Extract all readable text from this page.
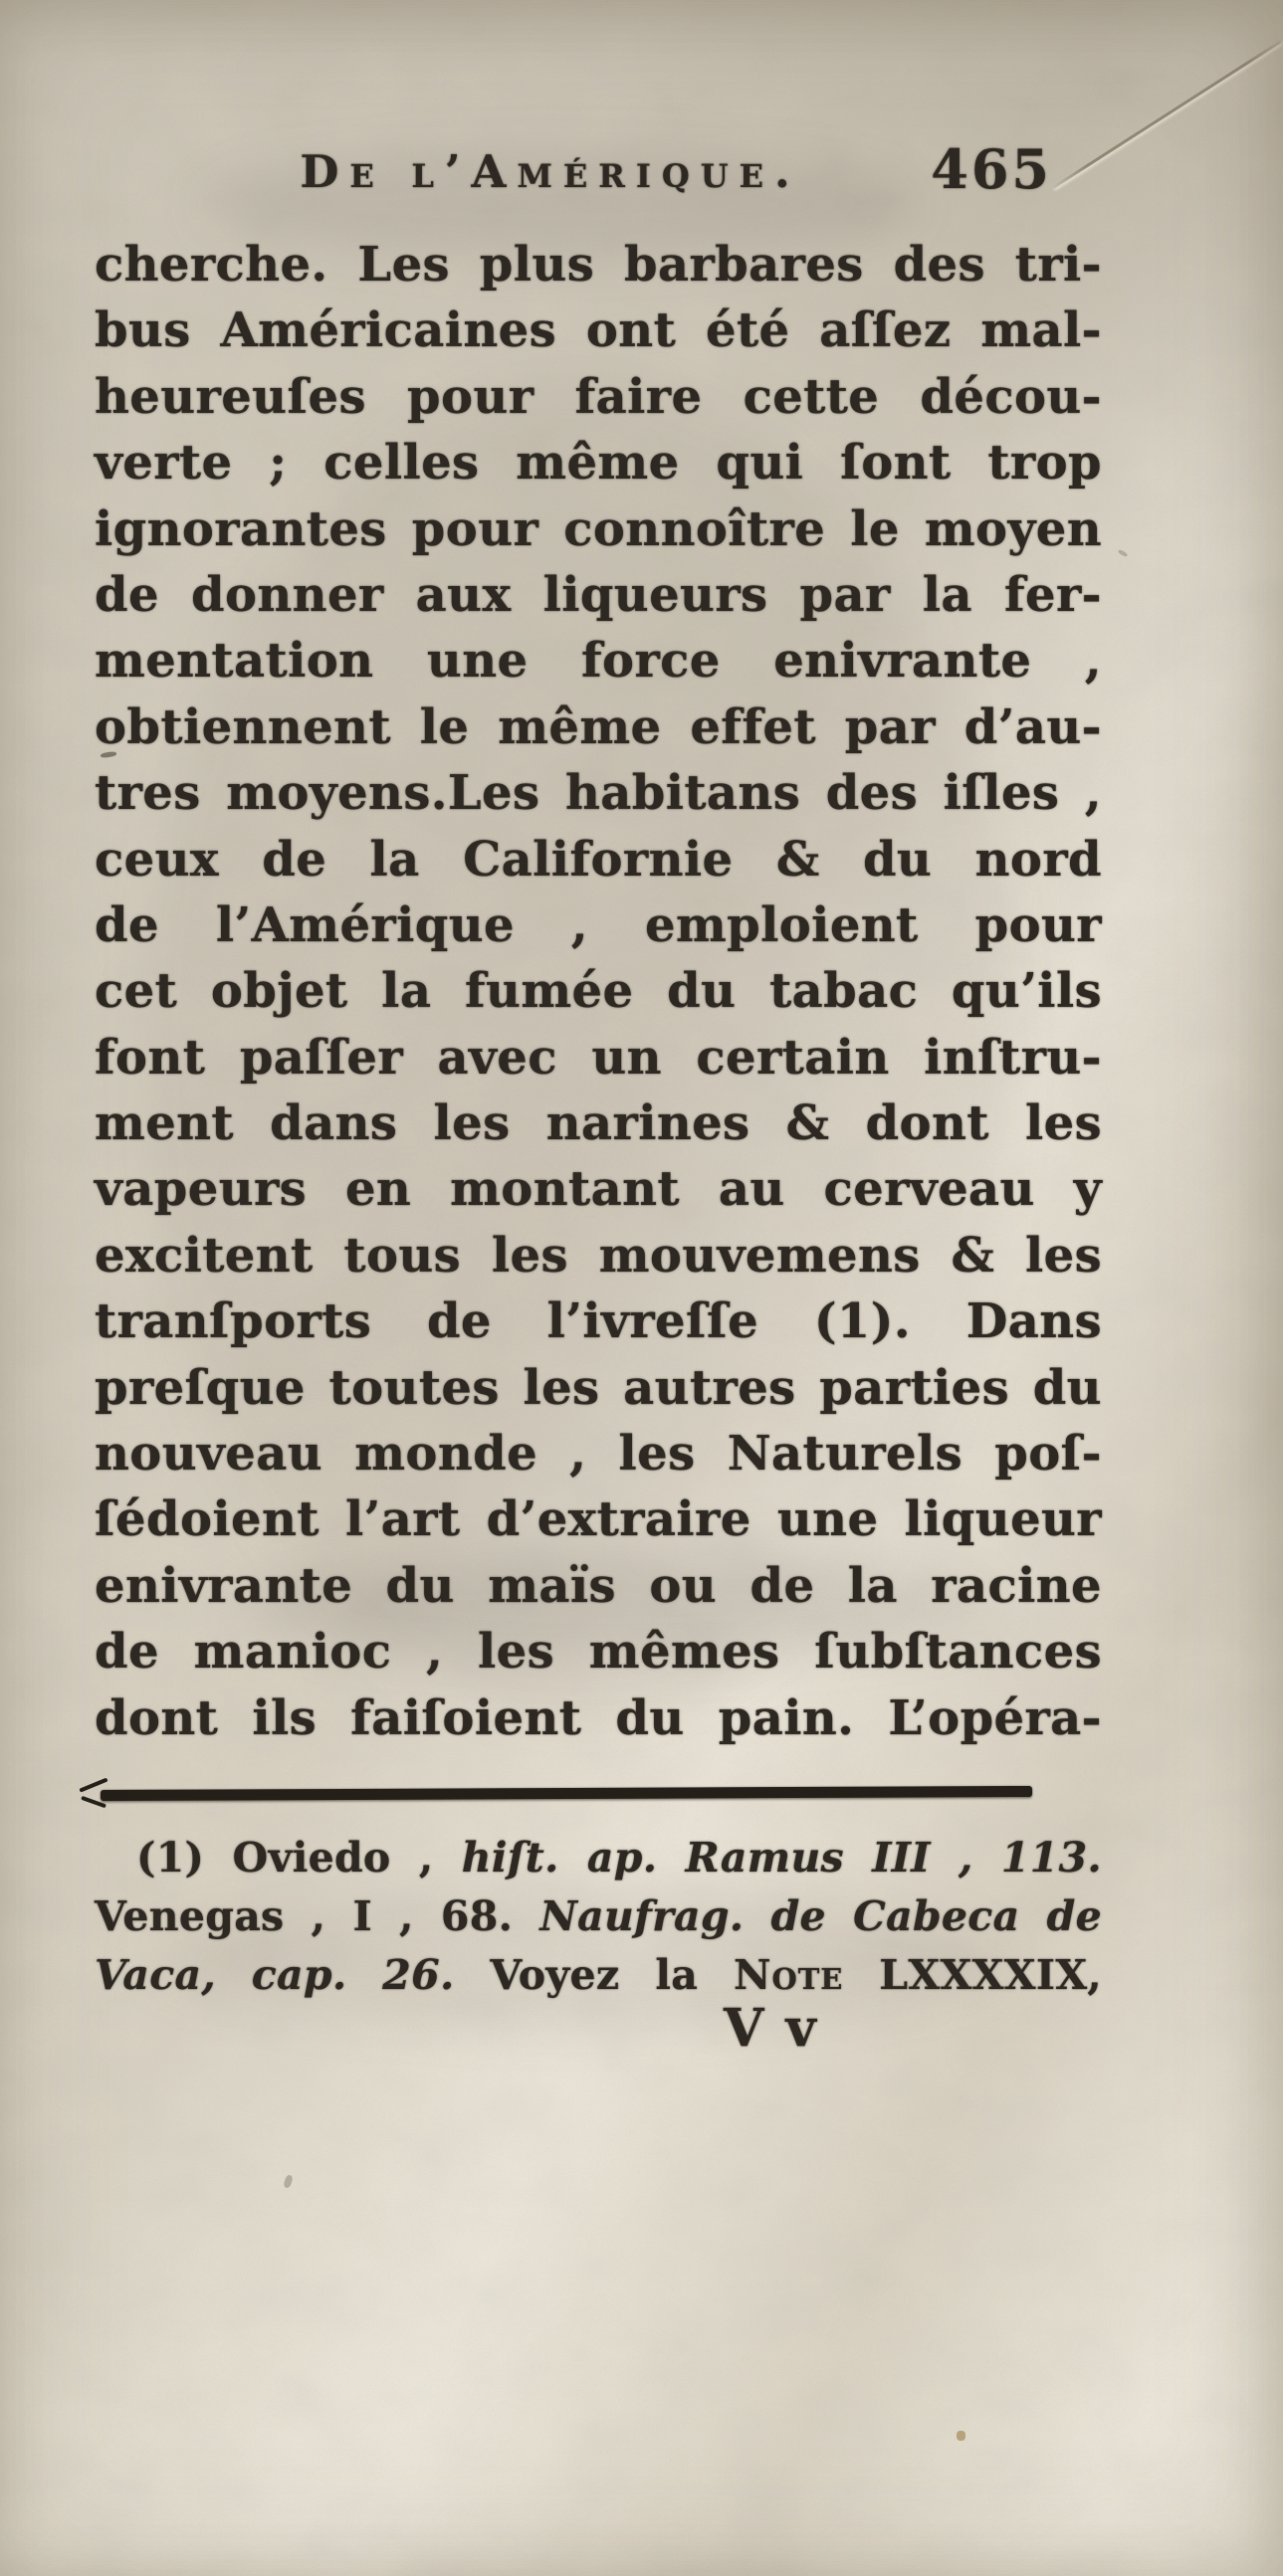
De l’Amérique. 465

cherche. Les plus barbares des tri-

bus Américaines ont été aſſez mal-

heureuſes pour faire cette décou-

verte ; celles même qui ſont trop

ignorantes pour connoître le moyen

de donner aux liqueurs par la fer-

mentation une force enivrante ,

obtiennent le même effet par d’au-

tres moyens.Les habitans des iſles ,

ceux de la Californie & du nord

de l’Amérique , emploient pour

cet objet la fumée du tabac qu’ils

font paſſer avec un certain inſtru-

ment dans les narines & dont les

vapeurs en montant au cerveau y

excitent tous les mouvemens & les

tranſports de l’ivreſſe (1). Dans

preſque toutes les autres parties du

nouveau monde , les Naturels poſ-

ſédoient l’art d’extraire une liqueur

enivrante du maïs ou de la racine

de manioc , les mêmes ſubſtances

dont ils faiſoient du pain. L’opéra-

(1) Oviedo , hiſt. ap. Ramus III , 113.

Venegas , I , 68. Naufrag. de Cabeca de

Vaca, cap. 26. Voyez la Note LXXXXIX,

V v
